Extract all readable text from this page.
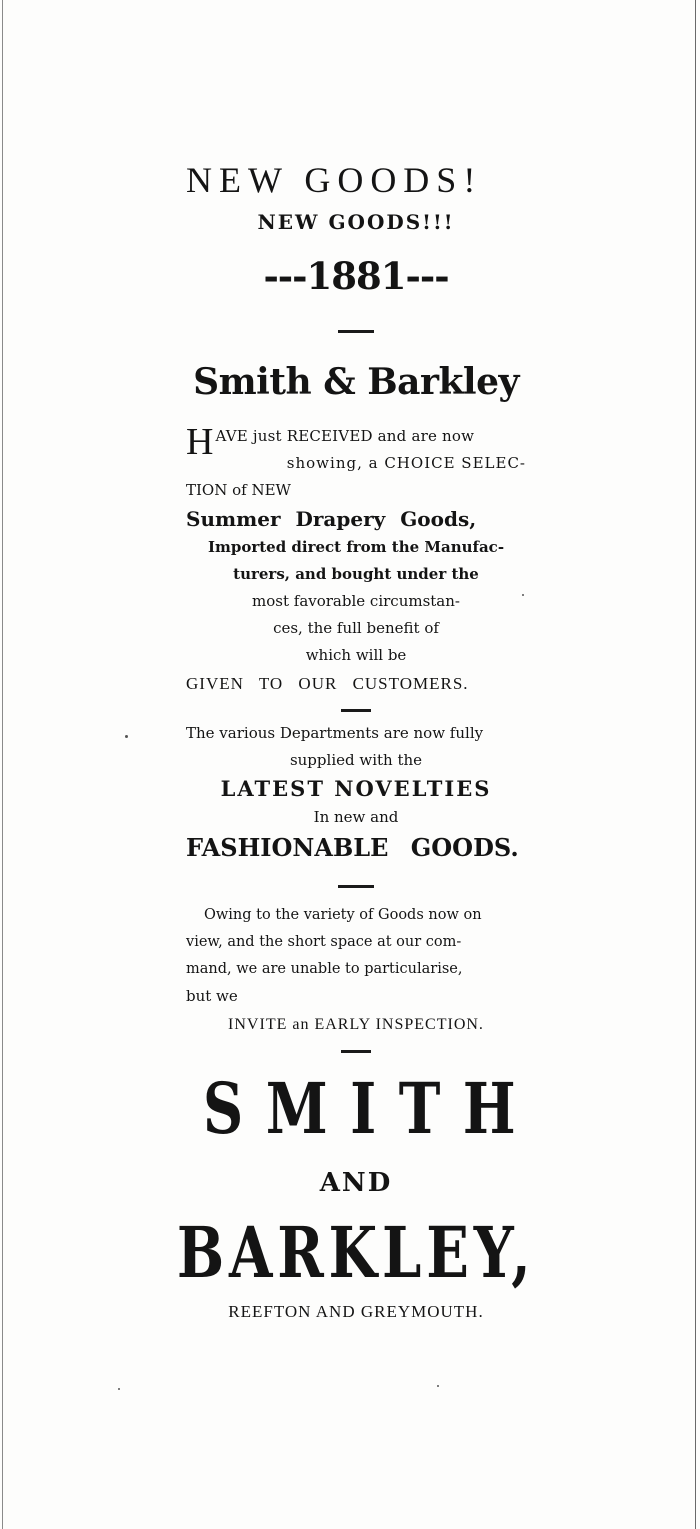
NEW GOODS!
NEW GOODS!!!
---1881---
Smith & Barkley
H AVE just RECEIVED and are now
showing, a CHOICE SELEC-
TION of NEW
Summer Drapery Goods,
Imported direct from the Manufac-
turers, and bought under the
most favorable circumstan-
ces, the full benefit of
which will be
GIVEN TO OUR CUSTOMERS.
The various Departments are now fully
supplied with the
LATEST NOVELTIES
In new and
FASHIONABLE GOODS.
Owing to the variety of Goods now on
view, and the short space at our com-
mand, we are unable to particularise,
but we
INVITE an EARLY INSPECTION.
SMITH
AND
BARKLEY,
REEFTON AND GREYMOUTH.
